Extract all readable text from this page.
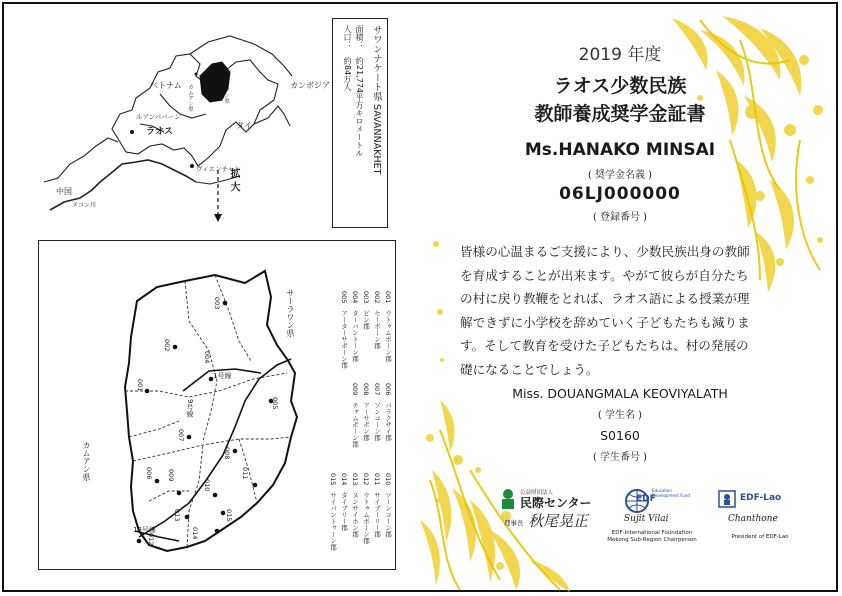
ベトナム	カンボジア
ラオス
ルアンパバーン
中国
メコン川
ヴィエンチャン
タイ
カムアン県	サラワン県
拡 大
サワンナケート県 SAVANNAKHET
面積：　約21,774平方キロメートル
人口：　約84万人
001
002
003
004
005
006
007
008
009
010
011
012
013
014
015
1号線
9号線
13号線
サーラワン県
カムアン県
001　ウトゥムポーン郡
002　セーポーン郡
003　ピン郡
004　ターパントーン郡
005　アーターサポーン郡
006　パラクサイ郡
007　ソンコーン郡
008　アーサポン郡
009　チャムポーン郡
010　ソーンコーン郡
011　サイブーリー郡
012　ウトゥムポーン郡
013　ヌンサイホン郡
014　タイブリー郡
015　サイパントゥーン郡
2019 年度
ラオス少数民族
教師養成奨学金証書
Ms.HANAKO MINSAI
( 奨学金名義 )
06LJ000000
( 登録番号 )
皆様の心温まるご支援により、少数民族出身の教師
を育成することが出来ます。やがて彼らが自分たち
の村に戻り教鞭をとれば、ラオス語による授業が理
解できずに小学校を辞めていく子どもたちも減りま
す。そして教育を受けた子どもたちは、村の発展の
礎になることでしょう。
Miss. DOUANGMALA KEOVIYALATH
( 学生名 )
S0160
( 学生番号 )
公益財団法人
民際センター
理事長 秋尾晃正
EDF
Education Development Fund
Sujit Vilai
EDF-International Foundation
Mekong Sub-Region Chairperson
EDF-Lao
Chanthone
President of EDF-Lao
